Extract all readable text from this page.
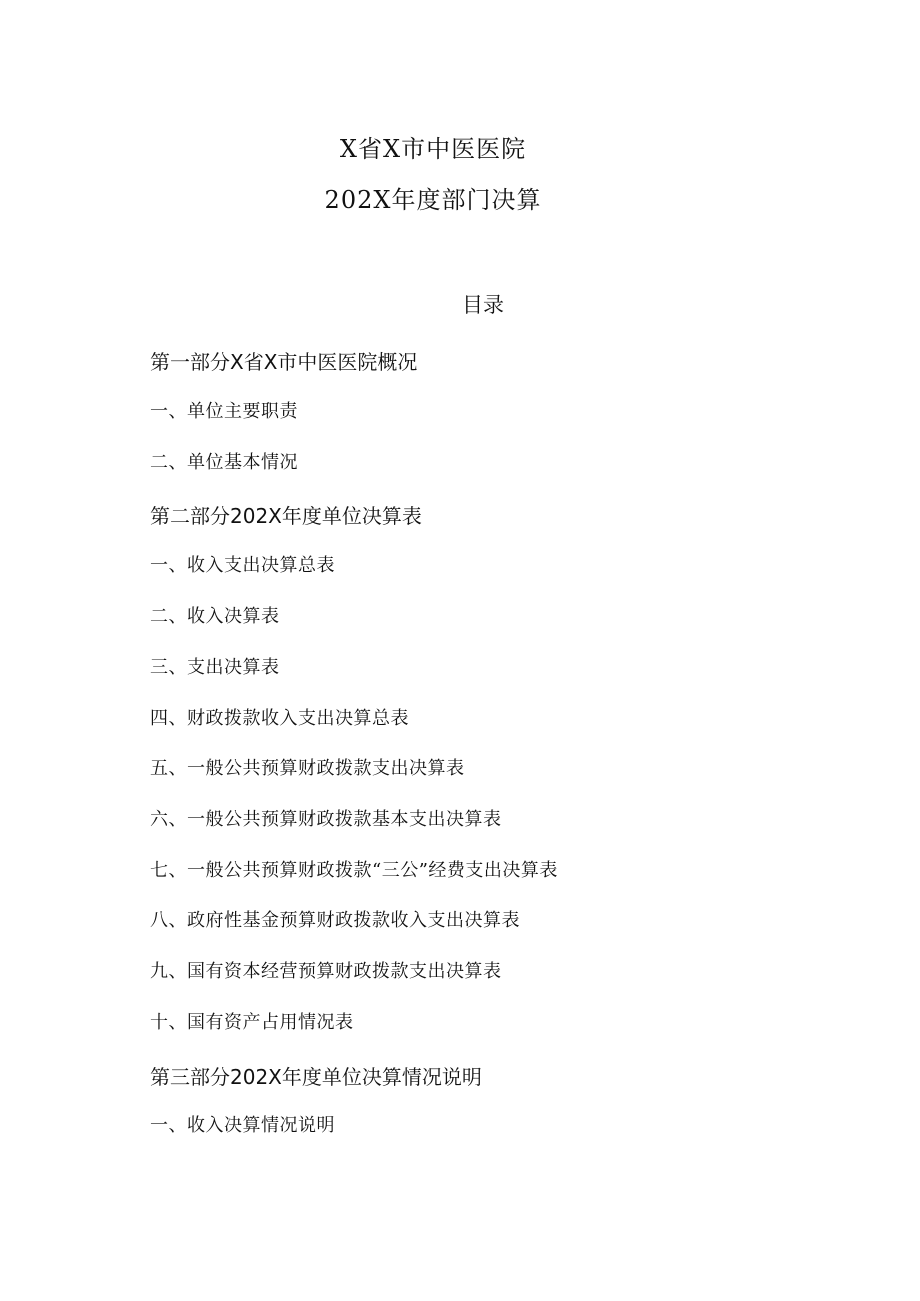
X省X市中医医院
202X年度部门决算
目录
第一部分X省X市中医医院概况
一、单位主要职责
二、单位基本情况
第二部分202X年度单位决算表
一、收入支出决算总表
二、收入决算表
三、支出决算表
四、财政拨款收入支出决算总表
五、一般公共预算财政拨款支出决算表
六、一般公共预算财政拨款基本支出决算表
七、一般公共预算财政拨款“三公”经费支出决算表
八、政府性基金预算财政拨款收入支出决算表
九、国有资本经营预算财政拨款支出决算表
十、国有资产占用情况表
第三部分202X年度单位决算情况说明
一、收入决算情况说明
